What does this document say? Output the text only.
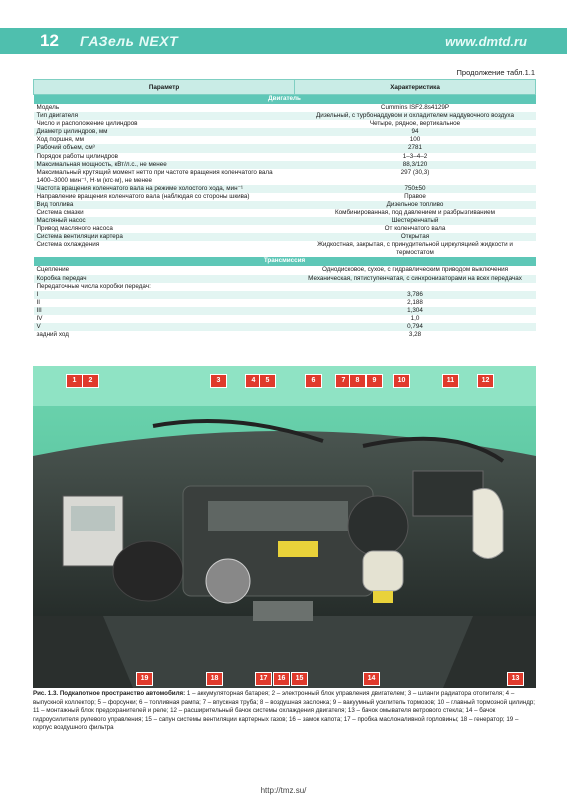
12 ГАЗель NEXT	www.dmtd.ru
Продолжение табл.1.1
Параметр	Характеристика
Двигатель	
Модель	Cummins ISF2.8s4129P
Тип двигателя	Дизельный, с турбонаддувом и охладителем наддувочного воздуха
Число и расположение цилиндров	Четыре, рядное, вертикальное
Диаметр цилиндров, мм	94
Ход поршня, мм	100
Рабочий объем, см³	2781
Порядок работы цилиндров	1–3–4–2
Максимальная мощность, кВт/л.с., не менее	88,3/120
Максимальный крутящий момент нетто при частоте вращения коленчатого вала 1400–3000 мин⁻¹, Н·м (кгс·м), не менее	297 (30,3)
Частота вращения коленчатого вала на режиме холостого хода, мин⁻¹	750±50
Направление вращения коленчатого вала (наблюдая со стороны шкива)	Правое
Вид топлива	Дизельное топливо
Система смазки	Комбинированная, под давлением и разбрызгиванием
Масляный насос	Шестеренчатый
Привод масляного насоса	От коленчатого вала
Система вентиляции картера	Открытая
Система охлаждения	Жидкостная, закрытая, с принудительной циркуляцией жидкости и термостатом
Трансмиссия	
Сцепление	Однодисковое, сухое, с гидравлическим приводом выключения
Коробка передач	Механическая, пятиступенчатая, с синхронизаторами на всех передачах
Передаточные числа коробки передач:	
I	3,786
II	2,188
III	1,304
IV	1,0
V	0,794
задний ход	3,28
1	2	3	4	5	6	7	8	9	10	11	12
13
14
15
16
17
18
19
Рис. 1.3. Подкапотное пространство автомобиля: 1 – аккумуляторная батарея; 2 – электронный блок управления двигателем; 3 – шланги радиатора отопителя; 4 – выпускной коллектор; 5 – форсунки; 6 – топливная рампа; 7 – впускная труба; 8 – воздушная заслонка; 9 – вакуумный усилитель тормозов; 10 – главный тормозной цилиндр; 11 – монтажный блок предохранителей и реле; 12 – расширительный бачок системы охлаждения двигателя; 13 – бачок омывателя ветрового стекла; 14 – бачок гидроусилителя рулевого управления; 15 – сапун системы вентиляции картерных газов; 16 – замок капота; 17 – пробка маслоналивной горловины; 18 – генератор; 19 – корпус воздушного фильтра
http://tmz.su/
